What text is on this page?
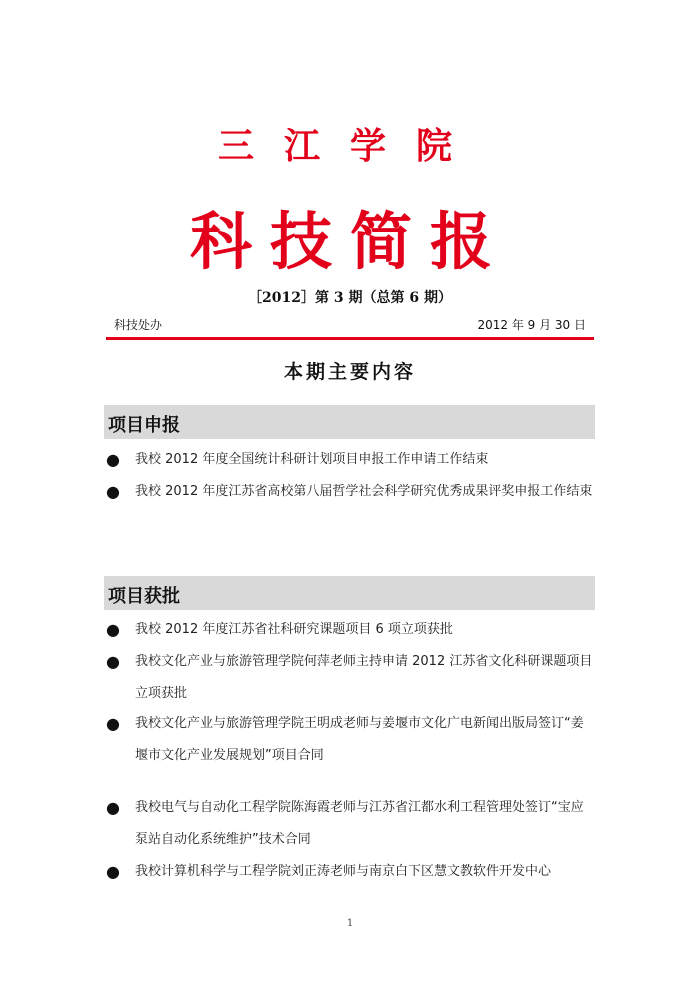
三江学院
科技简报
［2012］第 3 期（总第 6 期）
科技处办	2012 年 9 月 30 日
本期主要内容
项目申报
● 我校 2012 年度全国统计科研计划项目申报工作申请工作结束
● 我校 2012 年度江苏省高校第八届哲学社会科学研究优秀成果评奖申报工作结束
项目获批
● 我校 2012 年度江苏省社科研究课题项目 6 项立项获批
● 我校文化产业与旅游管理学院何萍老师主持申请 2012 江苏省文化科研课题项目立项获批
● 我校文化产业与旅游管理学院王明成老师与姜堰市文化广电新闻出版局签订“姜堰市文化产业发展规划”项目合同
● 我校电气与自动化工程学院陈海霞老师与江苏省江都水利工程管理处签订“宝应泵站自动化系统维护”技术合同
● 我校计算机科学与工程学院刘正涛老师与南京白下区慧文教软件开发中心
1
